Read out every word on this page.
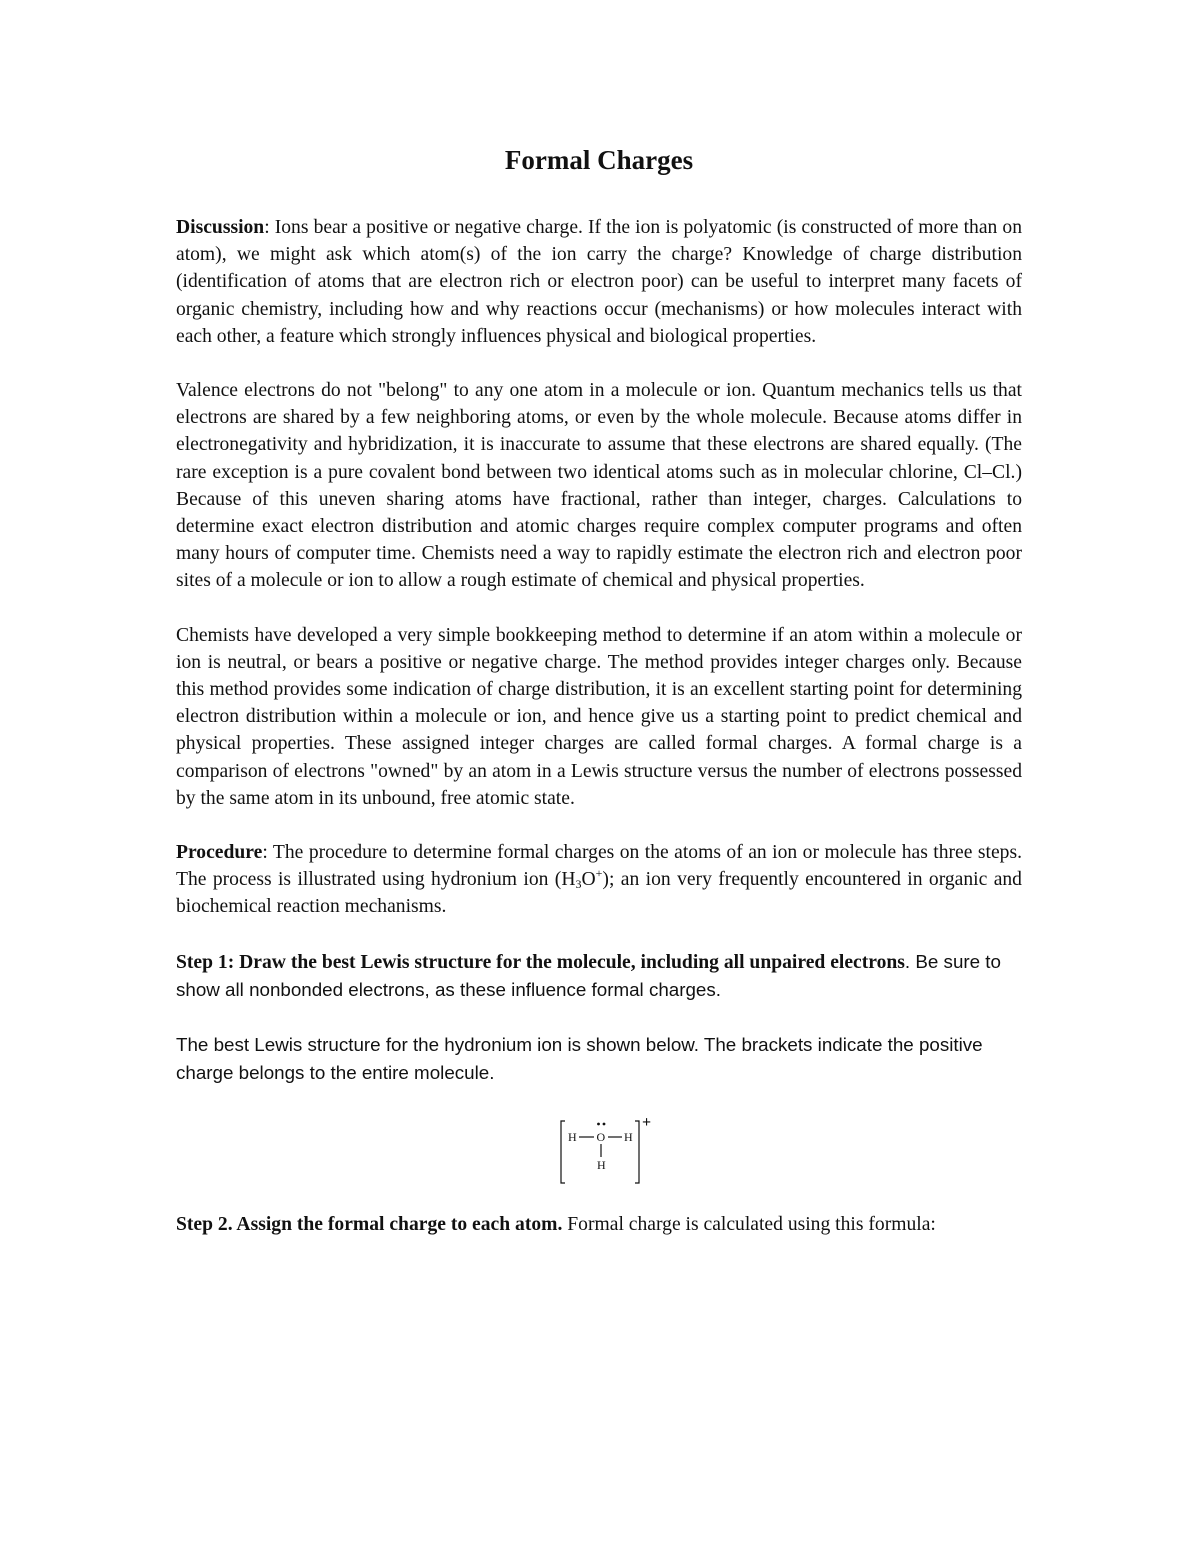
Formal Charges

Discussion: Ions bear a positive or negative charge. If the ion is polyatomic (is constructed of more than on atom), we might ask which atom(s) of the ion carry the charge? Knowledge of charge distribution (identification of atoms that are electron rich or electron poor) can be useful to interpret many facets of organic chemistry, including how and why reactions occur (mechanisms) or how molecules interact with each other, a feature which strongly influences physical and biological properties.

Valence electrons do not "belong" to any one atom in a molecule or ion. Quantum mechanics tells us that electrons are shared by a few neighboring atoms, or even by the whole molecule. Because atoms differ in electronegativity and hybridization, it is inaccurate to assume that these electrons are shared equally. (The rare exception is a pure covalent bond between two identical atoms such as in molecular chlorine, Cl–Cl.) Because of this uneven sharing atoms have fractional, rather than integer, charges. Calculations to determine exact electron distribution and atomic charges require complex computer programs and often many hours of computer time. Chemists need a way to rapidly estimate the electron rich and electron poor sites of a molecule or ion to allow a rough estimate of chemical and physical properties.

Chemists have developed a very simple bookkeeping method to determine if an atom within a molecule or ion is neutral, or bears a positive or negative charge. The method provides integer charges only. Because this method provides some indication of charge distribution, it is an excellent starting point for determining electron distribution within a molecule or ion, and hence give us a starting point to predict chemical and physical properties. These assigned integer charges are called formal charges. A formal charge is a comparison of electrons "owned" by an atom in a Lewis structure versus the number of electrons possessed by the same atom in its unbound, free atomic state.

Procedure: The procedure to determine formal charges on the atoms of an ion or molecule has three steps. The process is illustrated using hydronium ion $(H_3O^+)$; an ion very frequently encountered in organic and biochemical reaction mechanisms.

Step 1: Draw the best Lewis structure for the molecule, including all unpaired electrons. Be sure to show all nonbonded electrons, as these influence formal charges.

The best Lewis structure for the hydronium ion is shown below. The brackets indicate the positive charge belongs to the entire molecule.

H O H
H
+

Step 2. Assign the formal charge to each atom. Formal charge is calculated using this formula:
